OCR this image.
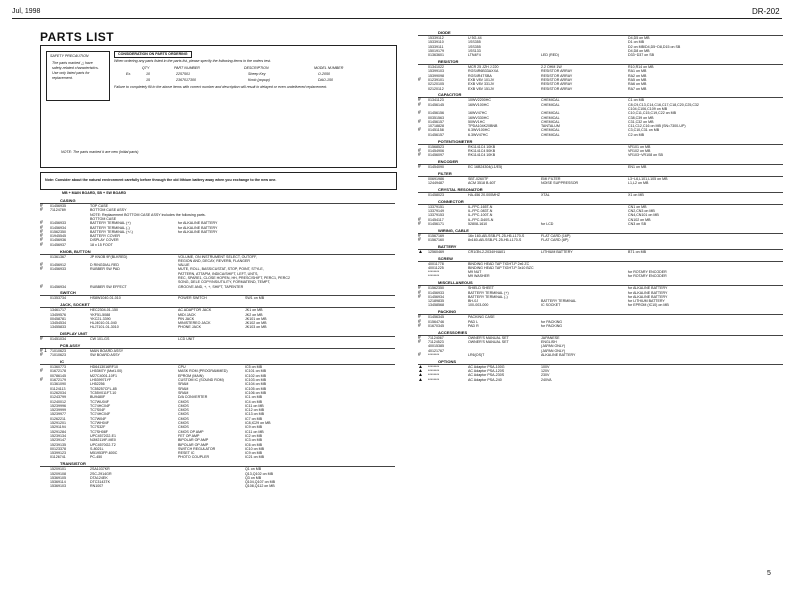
Jul, 1998	DR-202
PARTS LIST
SAFETY PRECAUTION
The parts marked △ have
safety-related characteristics.
Use only listed parts for
replacement.
CONSIDERATION ON PARTS ORDERING
When ordering any parts listed in the parts list, please specify the following items in the orders test.
QTY	PART NUMBER	DESCRIPTION	MODEL NUMBER
Ex.	10	2257501	Sheep Key	O-2050
15	2367017300	Knob (popup)	DAO-150
Failure to completely fill in the above items with correct number and description will result in delayed or even undelivered replacement.
NOTE: The parts marked # are new (initial parts)
Note: Consider about the natural environment carefully before through the old lithium battery away when you exchange to the new one.
MB + MAIN BOARD, SB + SW BOARD
CASING
# 01456935	TOP CASE
# 71124789	BOTTOM CASE ASSY
NOTE: Replacement BOTTOM CASE ASSY includes the following parts.
BOTTOM CASE
# 01456933	BATTERY TERMINAL (+)	for ALKALINE BATTERY
# 01456934	BATTERY TERMINAL (-)	for ALKALINE BATTERY
# 01562350	BATTERY TERMINAL (+/-)	for ALKALINE BATTERY
# 01945545	BATTERY COVER
# 01456936	DISPLAY COVER
# 01456937	18 x 15 FOOT
KNOB, BUTTON
01361367	JP KNOB 9F(BLKRED)	VOLUME, ON INSTRUMENT SELECT, OUTOFF,
REGION AND, DECAY, REVERB, FLANGER
# 01456912	D RINGDIAL RED	VALUE
# 01456933	RUBBER SW PAD	MUTE, ROLL, BASS/CUSTAT, STOP, POINT, STYLE,
PATTERN, ATTAPM, INDICA/SHIFT, LEFT, UNTS,
REC, SPARE1, CLOSE HOPEN, HH, PRESC/SHIFT, PERC1, PERC2
SONG, DELE COPY/NS/UTILITY, FORMATEND, TEMPT,
# 01456934	RUBBER SW EFFECT	GROOVE AND, +, +, SHIFT, TAPENTER
SWITCH
01353734	HS8W1040-01-010	POWER SWITCH	SW1 on MB
JACK, SOCKET
13461717	HEC2304-01-150	AC ADAPTOR JACK	JK1 on MB
13459576	YKF51-5088	MIDI JACK	JK2 on MB
00458781	YKC21-3390	PIN JACK	JK101 on MB
13454534	HLJ4010-01-040	MINISTEREO JACK	JK102 on MB
13455833	HLJ7101-01-3010	PHONE JACK	JK103 on MB
DISPLAY UNIT
# 01451034	CW 101-GS	LCD UNIT
PCB ASSY
# 1 71010623	MAIN BOARD ASSY
# 71010623	SW BOARD ASSY
IC
01360773	HD6413016RF10	CPU	IC5 on MB
# 01672178	LH53M7Y (Mot1.00)	MASK ROM (PROGRAMMED)	IC101 on MB
00786145	M27C4001-10F1	EPROM (MAIN)	IC102 on MB
# 01672179	LH539971YF	CUSTOM IC (SOUND ROM)	IC103 on MB
01361090	LH52256	SRAM	IC104 on MB
01124113	TC55257CFL-85	SRAM	IC105 on MB
01262034	TC55V011FT-10	SRAM	IC106 on MB
01243799	BU9480F	D/A CONVERTER	IC1 on MB
01240012	TC7WU04F	CMOS	IC4 on MB
15239996	TC74HC04F	CMOS	IC11 on MB
15239999	TC7S04F	CMOS	IC12 on MB
15239977	TC74HC04F	CMOS	IC13 on MB
01262211	TC7W04F	CMOS	IC7 on MB
15291201	TC7WH04F	CMOS	IC8,IC29 on MB
15291194	TC7S32F	CMOS	IC9 on MB
15291284	TC7SH08F	CMOS OP AMP	IC11 on MB
15239134	UPC4572G2-E1	FET OP AMP	IC2 on MB
15239147	NJM2119F-ME0	BIPOLAR OP AMP	IC3 on MB
15239135	UPC4570G2-T2	BIPOLAR OP AMP	IC6 on MB
00123378	S-8021L	SWITCH REGULATOR	IC10 on MB
15399123	M51953FP-600C	RESET IC	IC9 on MB
01126741	PC-450	PHOTO COUPLER	IC21 on MB
TRANSISTOR
15209101	2SA1037KR	Q1 on MB
15209108	2SC-2914GR	Q13,Q102 on MB
15369105	DTA124EK	Q3 on MB
15369114	DTC3143TK	Q104,Q107 on MB
15369103	RN1007	Q108,Q112 on MB
DIODE
15339112	U 5G-44	D4,D5 on MB
15339110	1SS355	D1 on MB
15339111	1SS355	D2 on MB/D4,D5~D8,D15 on SB
15019179	1SS133	D4,D8 on MB
01363601	LTN4F4	LED (RED)	D33~D37 on SB
RESISTOR
01341022	MCR 25 JZH J 220	2.2 OHM 1W	R10,R14 on MB
15399103	RGS4R6B33AXXA	RESISTOR ARRAY	RA1 on MB
15399098	RGS4R4TSBA	RESISTOR ARRAY	RA2 on MB
# 01239101	EXB V8V 101JV	RESISTOR ARRAY	RA5 on MB
02120105	EXB V8V 331JV	RESISTOR ARRAY	RA6 on MB
02120112	EXB V8V 151JV	RESISTOR ARRAY	RA7 on MB
CAPACITOR
# 01341123	10WV2200HC	CHEMICAL	C1 on MB
# 01456145	16WV100HC	CHEMICAL	C8,C9,C13,C14,C16,C17,C18,C20,C25,C32
C104,C106,C109 on MB
# 01456156	16WV47HC	CHEMICAL	C10,C11,C15,C19,C22 on MB
00351563	16WV330HC	CHEMICAL	C38,C39 on MB
# 01456157	50WV1HC	CHEMICAL	C31,C32 on MB
10718828	TPDA104K20BNB	TANTALUM	C11,C12,C16 on MB (SN=7300-UP)
# 01451158	6.3WV100HC	CHEMICAL	C3,C10,C31 on MB
01456157	6.3WV47HC	CHEMICAL	C2 on MB
POTENTIOMETER
01568523	RK1141C4 10KB	VR101 on MB
# 01454906	RK1141C4 50KB	VR102 on MB
# 01456097	RK1141C4 10KB	VR103~VR108 on SB
ENCODER
# 01454090	EC 16B24304(L1/E5)	EN1 on MB
FILTER
00691986	SBT-0260TF	EMI FILTER	L3~L6,L101,L105 on MB
12449487	ACM 3518 B-60T	NOISE SUPPRESSOR	L1,L2 on MB
CRYSTAL RESONATOR
01458023	HA-456 20.000MHZ	XTAL	X1 on MB
CONNECTOR
13379151	IL-FPC-165T-N	CN1 on MB
13379149	IL-FPC-083T-N	CN2,CN3 on MB
13379153	IL-FPC-100T-N	CN4,CN101 on MB
# 01454117	IL-FPC-D40S-N	CN102 on MB
# 01456171	52808-1610	for LCD	CN3 on SB
WIRING, CABLE
# 01567169	16x 160-AB-SSB-P1.25-H5-L170-S	FLAT CARD (16P)
# 01567160	8x160-AB-SSB-P1.25-H5-L170-S	FLAT CARD (8P)
BATTERY
▲ 12560469	CR1/3N-2-2034/H4A01	LITHIUM BATTERY	BT1 on MB
SCREW
40011778	BINDING HEAD TAP TIGHT-P 2x6 ZC
40011225	BINDING HEAD TAP TIGHT-P 3x10 BZC
********	M9 NUT	for ROTARY ENCODER
********	M9 WASHER	for ROTARY ENCODER
MISCELLANEOUS
# 01562350	SHIELD SHEET	for ALKALINE BATTERY
# 01456933	BATTERY TERMINAL (+)	for ALKALINE BATTERY
# 01456934	BATTERY TERMINAL (-)	for ALKALINE BATTERY
12189835	BH-0J	BATTERY TERMINAL	for LITHIUM BATTERY
13458568	100-003-000	IC SOCKET	for EPROM (IC10) on MB
PACKING
# 01456345	PACKING CASE
# 01564746	PAD L	for PACKING
# 01670345	PAD R	for PACKING
ACCESSORIES
# 71124067	OWNER'S MANUAL SET	JAPANESE
# 71124523	OWNER'S MANUAL SET	ENGLISH
40015385	(JAPAN ONLY)
40121767	(JAPAN ONLY)
# ********	LR6(OS)T	ALKALINE BATTERY
OPTIONS
▲ ********	AC Adaptor PSA-100G	100V
▲ ********	AC Adaptor PSA-120S	120V
▲ ********	AC Adaptor PSA-230S	230V
▲ ********	AC Adaptor PSA-240	240VA
5
